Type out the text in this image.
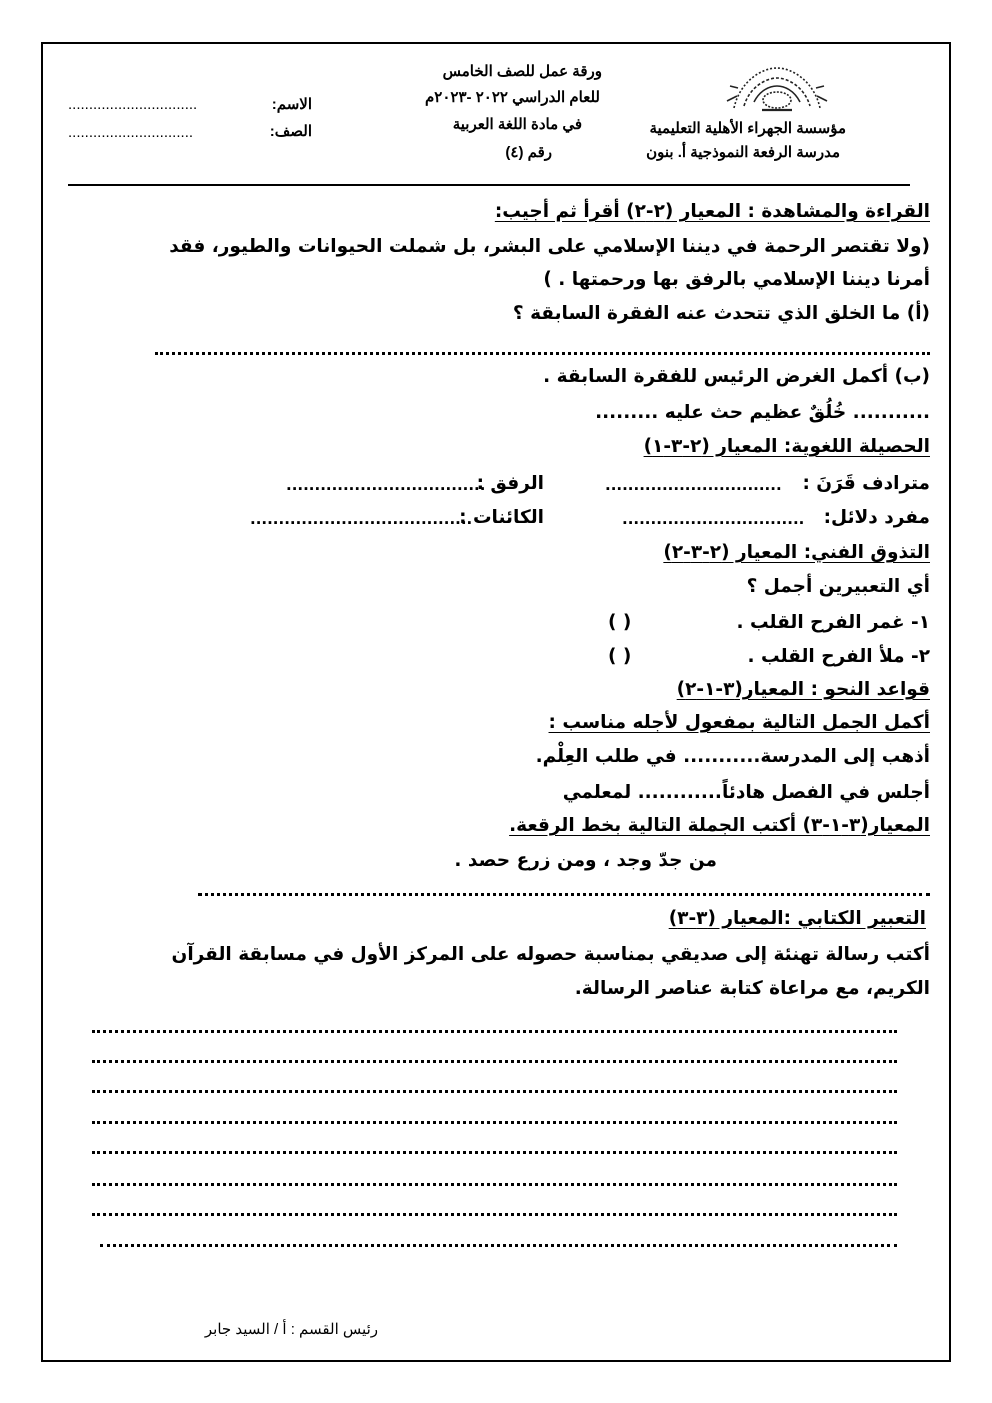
مؤسسة الجهراء الأهلية التعليمية
مدرسة الرفعة النموذجية أ. بنون
ورقة عمل للصف الخامس
للعام الدراسي ٢٠٢٢ -٢٠٢٣م
في مادة اللغة العربية
رقم (٤)
الاسم:
...............................
الصف:
..............................
القراءة والمشاهدة : المعيار (٢-٢) أقرأ ثم أجيب:
(ولا تقتصر الرحمة في ديننا الإسلامي على البشر، بل شملت الحيوانات والطيور، فقد
أمرنا ديننا الإسلامي بالرفق بها ورحمتها . )
(أ) ما الخلق الذي تتحدث عنه الفقرة السابقة ؟
(ب) أكمل الغرض الرئيس للفقرة السابقة .
........... خُلُقٌ عظيم حث عليه .........
الحصيلة اللغوية: المعيار (٢-٣-١)
مترادف قَرَنَ :
...............................
الرفق :
...................................
مفرد دلائل:
................................
الكائنات :
.......................................
التذوق الفني: المعيار (٢-٣-٢)
أي التعبيرين أجمل ؟
١- غمر الفرح القلب .
( )
٢- ملأ الفرح القلب .
( )
قواعد النحو : المعيار(٣-١-٢)
أكمل الجمل التالية بمفعول لأجله مناسب :
أذهب إلى المدرسة........... في طلب العِلْم.
أجلس في الفصل هادئاً............ لمعلمي
المعيار(٣-١-٣) أكتب الجملة التالية بخط الرقعة.
من جدّ وجد ، ومن زرع حصد .
التعبير الكتابي :المعيار (٣-٣)
أكتب رسالة تهنئة إلى صديقي بمناسبة حصوله على المركز الأول في مسابقة القرآن
الكريم، مع مراعاة كتابة عناصر الرسالة.
رئيس القسم : أ / السيد جابر
